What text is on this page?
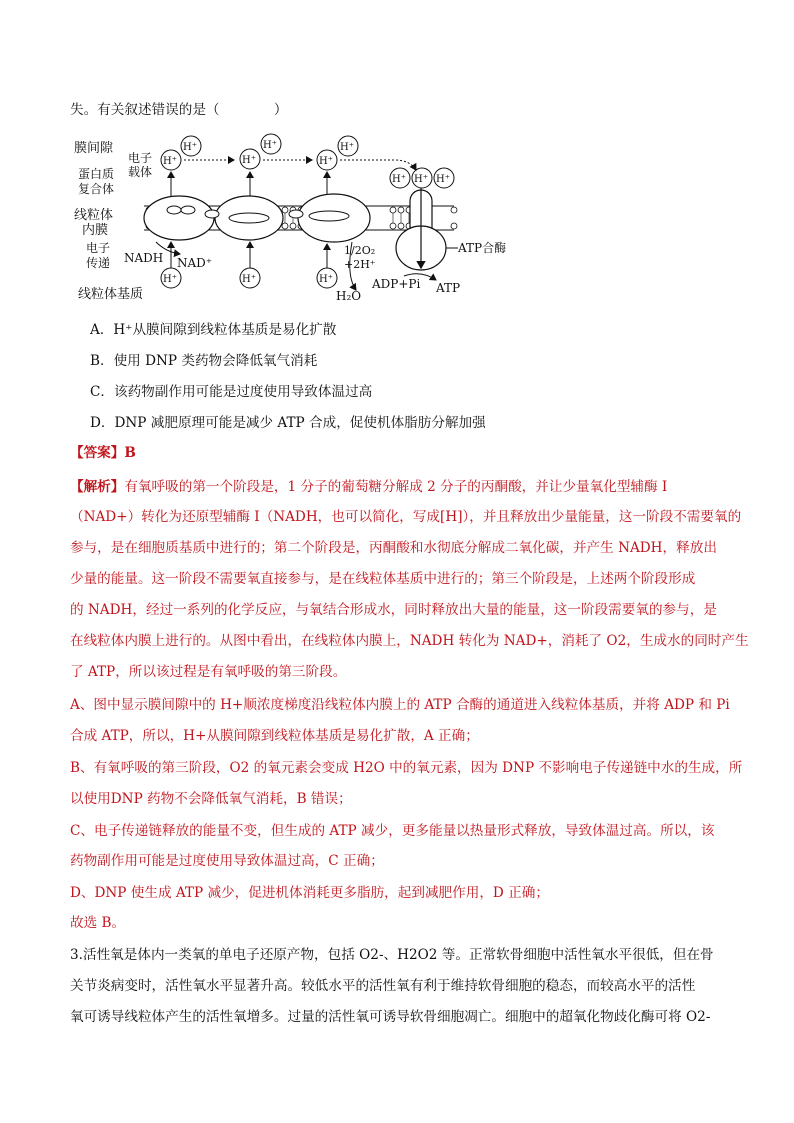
失。有关叙述错误的是（　　　　）
膜间隙
电子
载体
蛋白质
复合体
线粒体
内膜
电子
传递
线粒体基质
ATP合酶
H⁺
H⁺
H⁺
H⁺
H⁺
H⁺
H⁺ H⁺ H⁺
H⁺	H⁺	H⁺
NADH NAD⁺
1/2O₂
+2H⁺
H₂O
ADP+Pi ATP
A．H⁺从膜间隙到线粒体基质是易化扩散
B．使用 DNP 类药物会降低氧气消耗
C．该药物副作用可能是过度使用导致体温过高
D．DNP 减肥原理可能是减少 ATP 合成，促使机体脂肪分解加强
【答案】B
【解析】有氧呼吸的第一个阶段是，1 分子的葡萄糖分解成 2 分子的丙酮酸，并让少量氧化型辅酶 I
（NAD+）转化为还原型辅酶 I（NADH，也可以简化，写成[H]），并且释放出少量能量，这一阶段不需要氧的
参与，是在细胞质基质中进行的；第二个阶段是，丙酮酸和水彻底分解成二氧化碳，并产生 NADH，释放出
少量的能量。这一阶段不需要氧直接参与，是在线粒体基质中进行的；第三个阶段是，上述两个阶段形成
的 NADH，经过一系列的化学反应，与氧结合形成水，同时释放出大量的能量，这一阶段需要氧的参与，是
在线粒体内膜上进行的。从图中看出，在线粒体内膜上，NADH 转化为 NAD+，消耗了 O2，生成水的同时产生
了 ATP，所以该过程是有氧呼吸的第三阶段。
A、图中显示膜间隙中的 H+顺浓度梯度沿线粒体内膜上的 ATP 合酶的通道进入线粒体基质，并将 ADP 和 Pi
合成 ATP，所以，H+从膜间隙到线粒体基质是易化扩散，A 正确；
B、有氧呼吸的第三阶段，O2 的氧元素会变成 H2O 中的氧元素，因为 DNP 不影响电子传递链中水的生成，所
以使用DNP 药物不会降低氧气消耗，B 错误；
C、电子传递链释放的能量不变，但生成的 ATP 减少，更多能量以热量形式释放，导致体温过高。所以，该
药物副作用可能是过度使用导致体温过高，C 正确；
D、DNP 使生成 ATP 减少，促进机体消耗更多脂肪，起到减肥作用，D 正确；
故选 B。
3.活性氧是体内一类氧的单电子还原产物，包括 O2-、H2O2 等。正常软骨细胞中活性氧水平很低，但在骨
关节炎病变时，活性氧水平显著升高。较低水平的活性氧有利于维持软骨细胞的稳态，而较高水平的活性
氧可诱导线粒体产生的活性氧增多。过量的活性氧可诱导软骨细胞凋亡。细胞中的超氧化物歧化酶可将 O2-
